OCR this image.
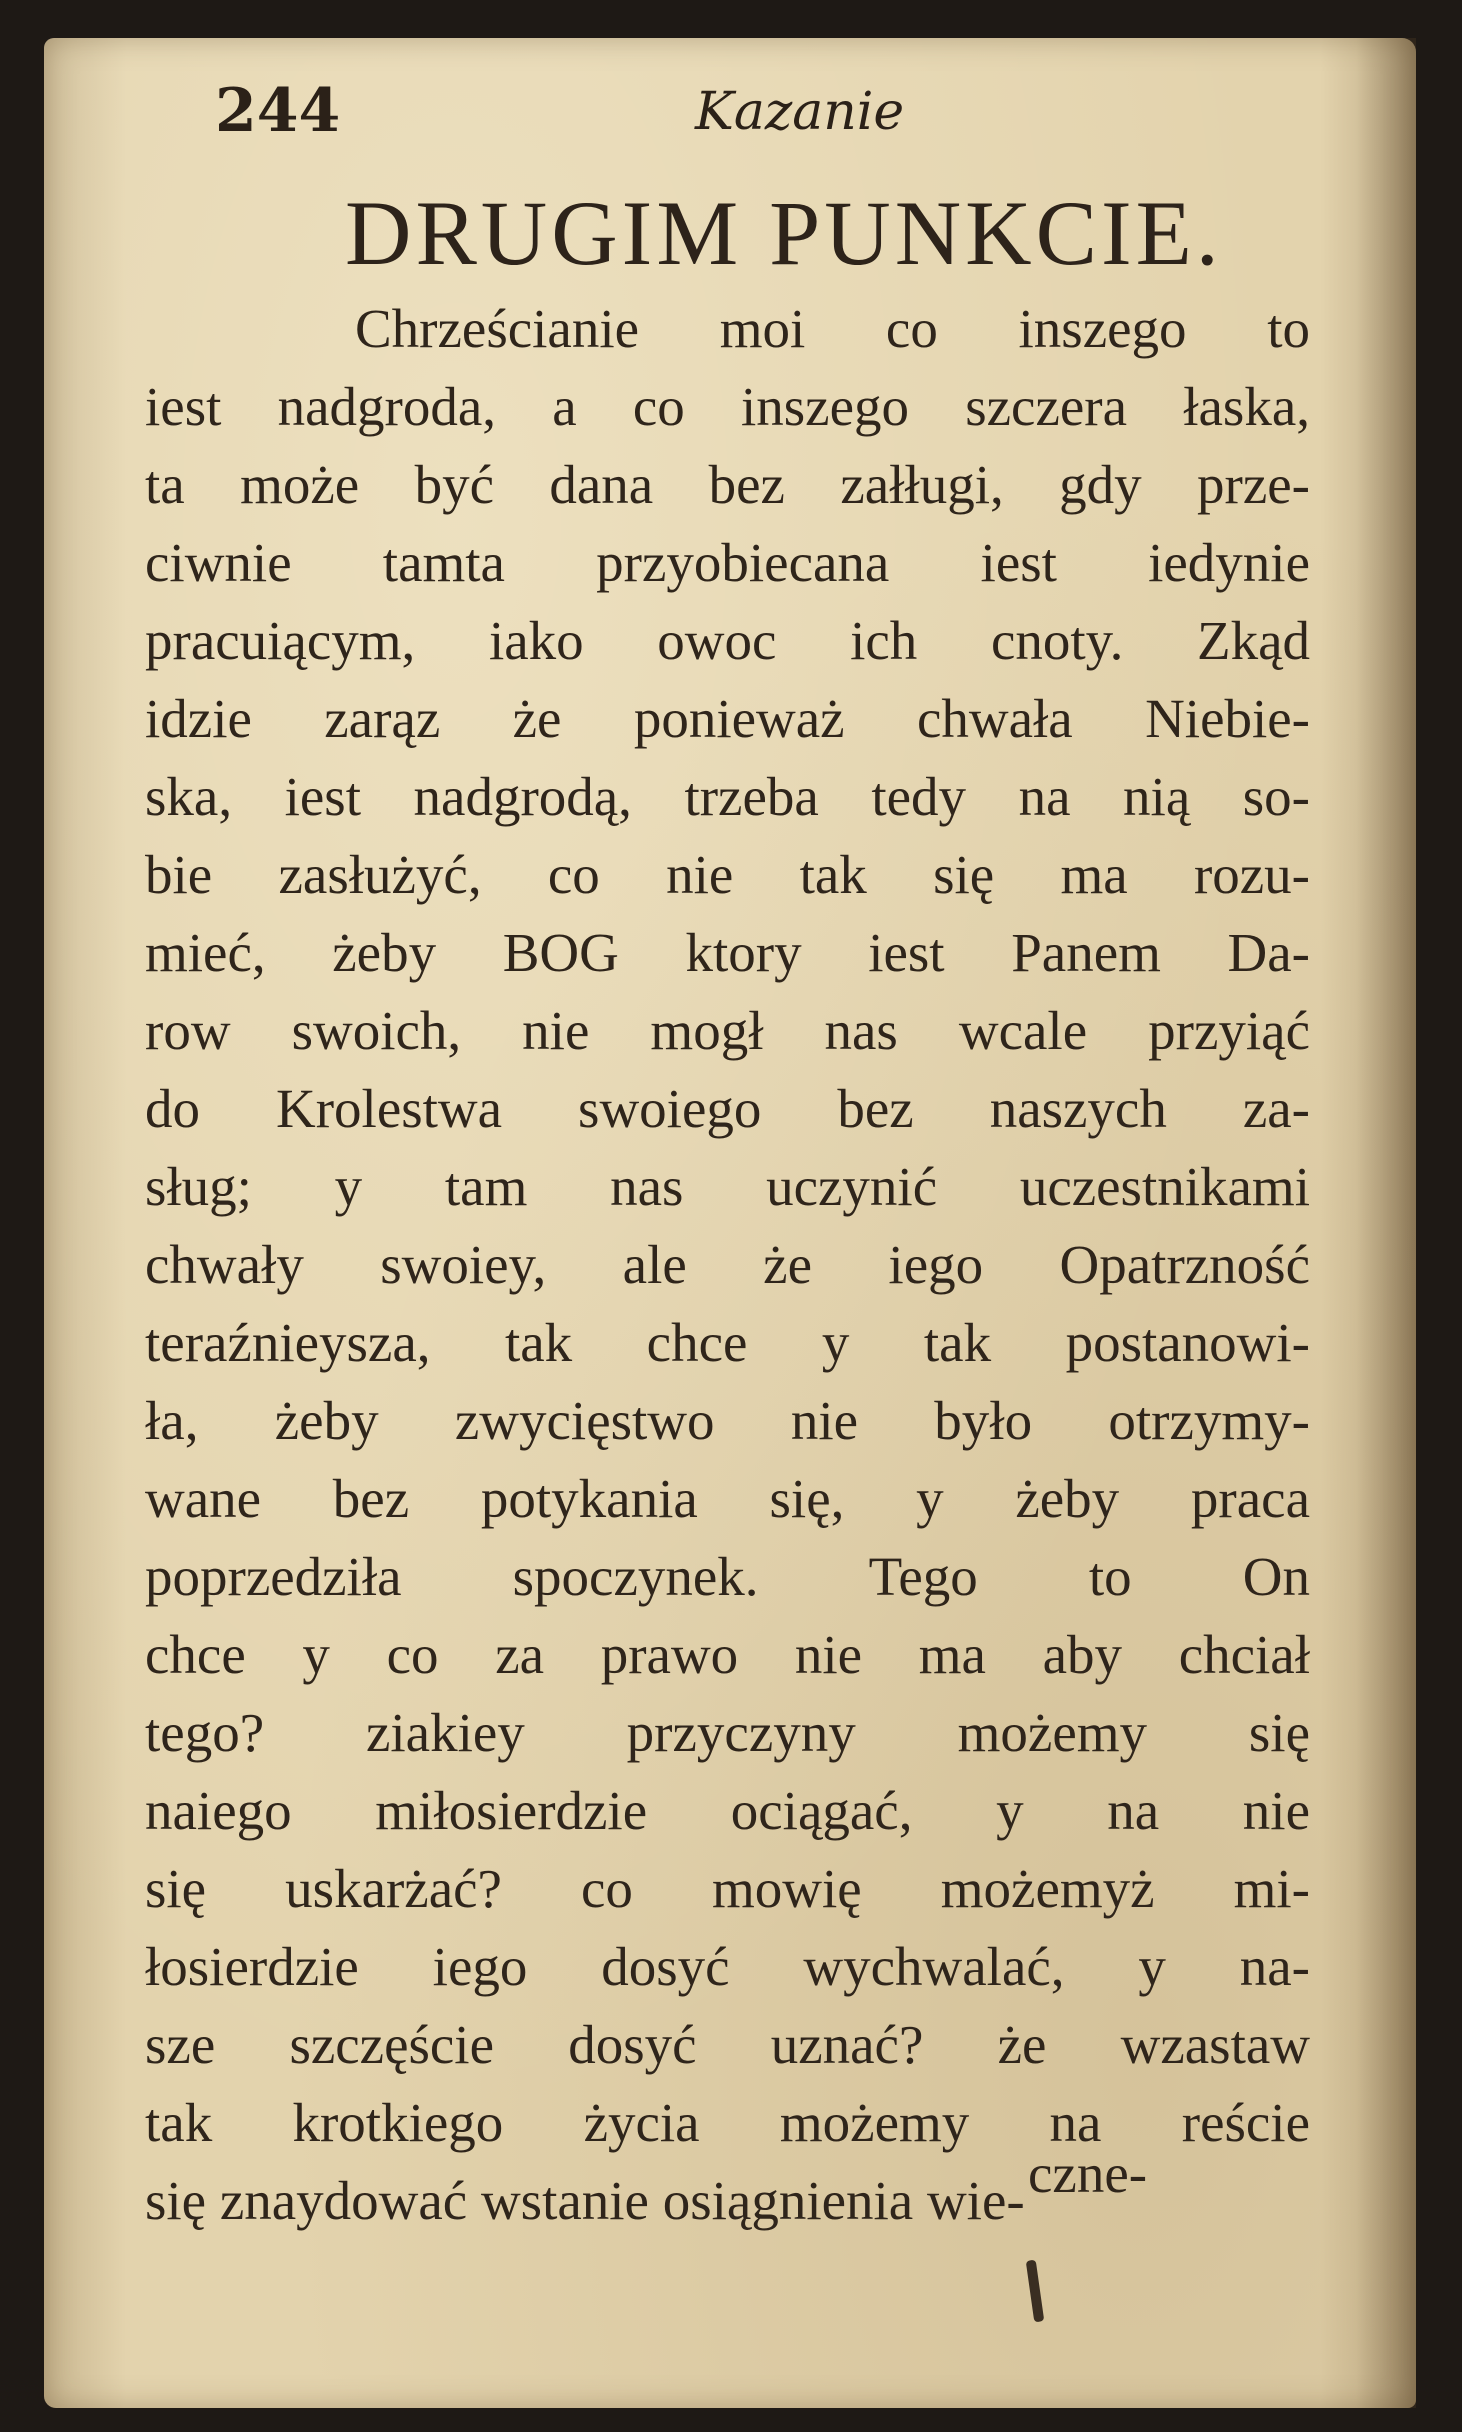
244	Kazanie
DRUGIM PUNKCIE.
Chrześcianie moi co inszego to
iest nadgroda, a co inszego szczera łaska,
ta może być dana bez załługi, gdy prze-
ciwnie tamta przyobiecana iest iedynie
pracuiącym, iako owoc ich cnoty. Zkąd
idzie zarąz że ponieważ chwała Niebie-
ska, iest nadgrodą, trzeba tedy na nią so-
bie zasłużyć, co nie tak się ma rozu-
mieć, żeby BOG ktory iest Panem Da-
row swoich, nie mogł nas wcale przyiąć
do Krolestwa swoiego bez naszych za-
sług; y tam nas uczynić uczestnikami
chwały swoiey, ale że iego Opatrzność
teraźnieysza, tak chce y tak postanowi-
ła, żeby zwycięstwo nie było otrzymy-
wane bez potykania się, y żeby praca
poprzedziła spoczynek. Tego to On
chce y co za prawo nie ma aby chciał
tego? ziakiey przyczyny możemy się
naiego miłosierdzie ociągać, y na nie
się uskarżać? co mowię możemyż mi-
łosierdzie iego dosyć wychwalać, y na-
sze szczęście dosyć uznać? że wzastaw
tak krotkiego życia możemy na reście
się znaydować wstanie osiągnienia wie- czne-
